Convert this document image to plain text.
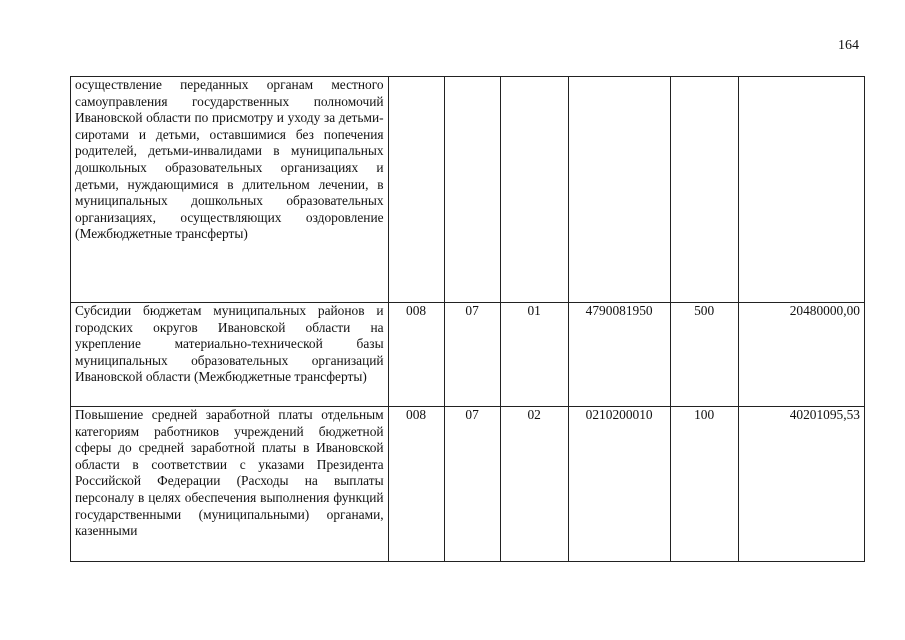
164
осуществление переданных органам местного самоуправления государственных полномочий Ивановской области по присмотру и уходу за детьми-сиротами и детьми, оставшимися без попечения родителей, детьми-инвалидами в муниципальных дошкольных образовательных организациях и детьми, нуждающимися в длительном лечении, в муниципальных дошкольных образовательных организациях, осуществляющих оздоровление (Межбюджетные трансферты)						
Субсидии бюджетам муниципальных районов и городских округов Ивановской области на укрепление материально-технической базы муниципальных образовательных организаций Ивановской области (Межбюджетные трансферты)	008	07	01	4790081950	500	20480000,00
Повышение средней заработной платы отдельным категориям работников учреждений бюджетной сферы до средней заработной платы в Ивановской области в соответствии с указами Президента Российской Федерации (Расходы на выплаты персоналу в целях обеспечения выполнения функций государственными (муниципальными) органами, казенными	008	07	02	0210200010	100	40201095,53
